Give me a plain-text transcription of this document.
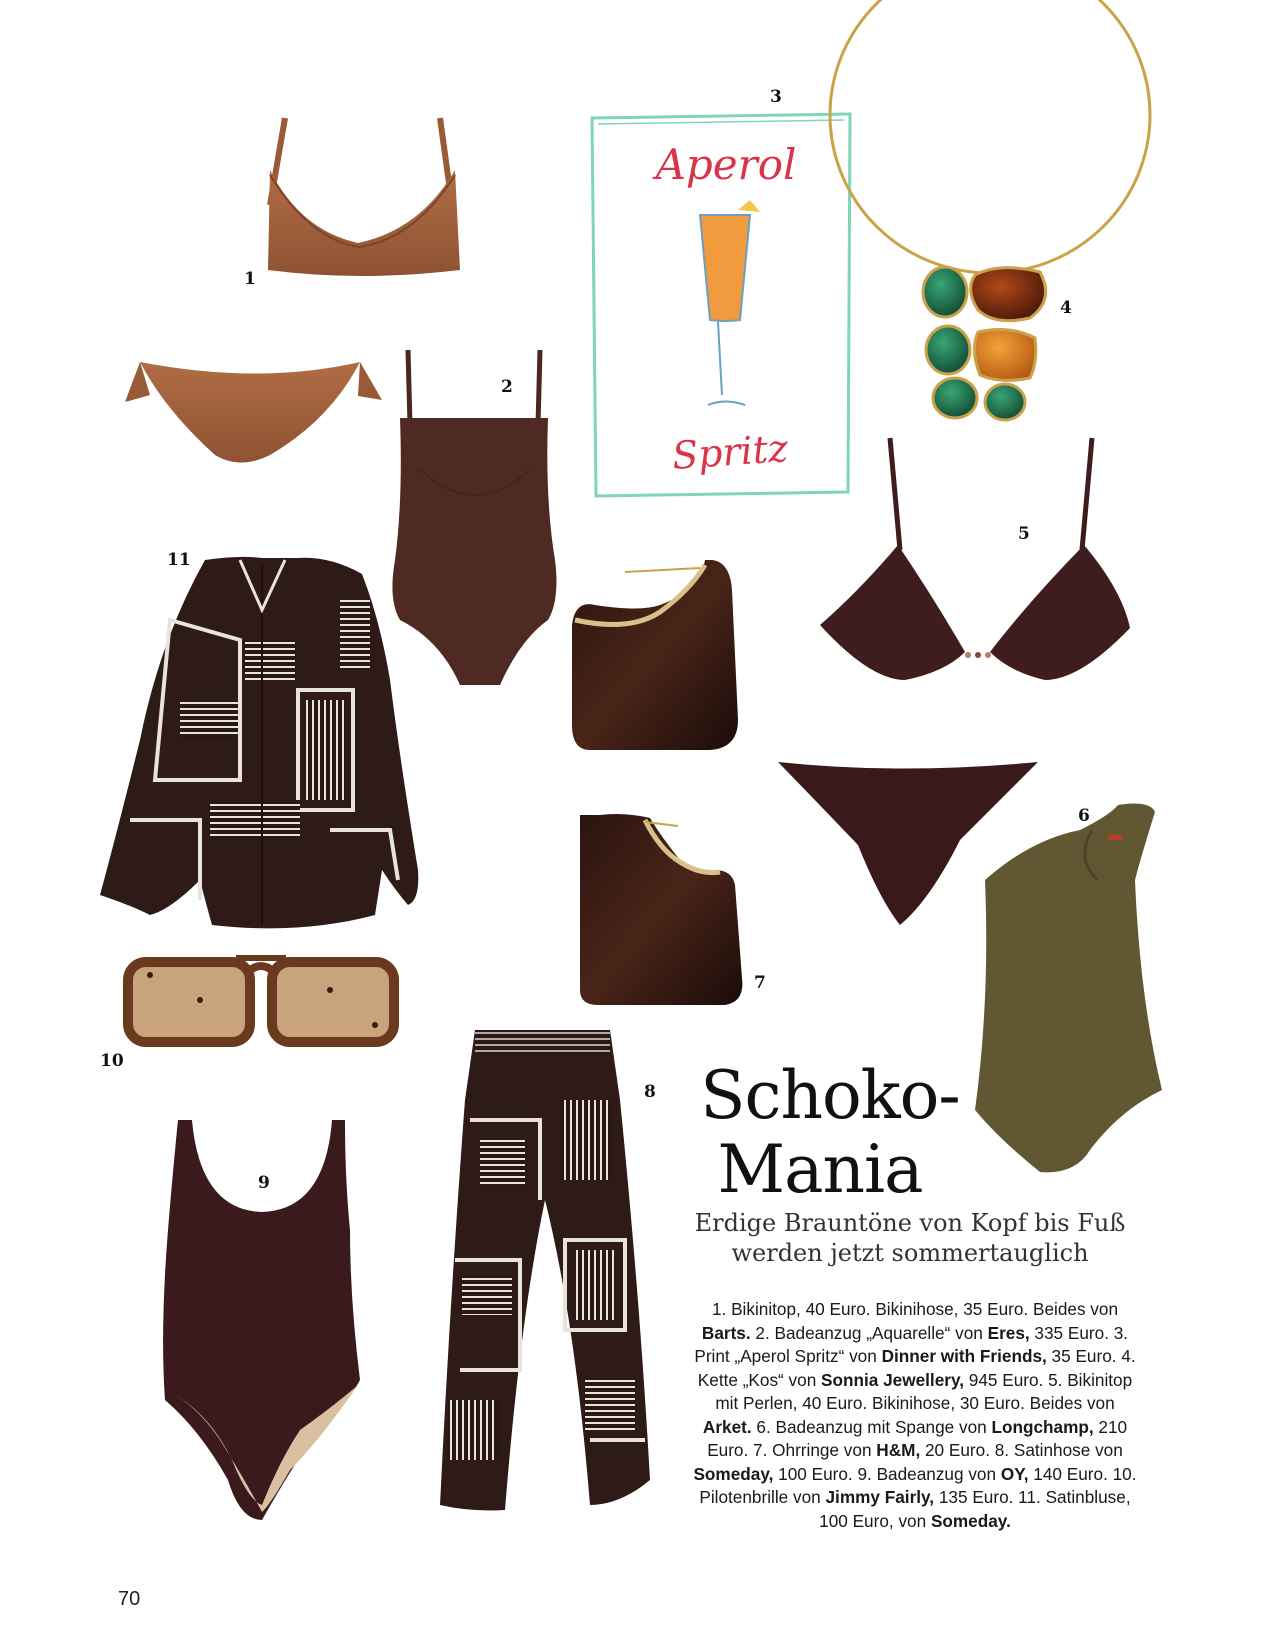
Aperol
Spritz
1
2
3
4
5
6
7
8
9
10
11
Schoko-
Mania
Erdige Brauntöne von Kopf bis Fuß
werden jetzt sommertauglich
1. Bikinitop, 40 Euro. Bikinihose, 35 Euro. Beides von Barts. 2. Badeanzug „Aquarelle“ von Eres, 335 Euro. 3. Print „Aperol Spritz“ von Dinner with Friends, 35 Euro. 4. Kette „Kos“ von Sonnia Jewellery, 945 Euro. 5. Bikinitop mit Perlen, 40 Euro. Bikinihose, 30 Euro. Beides von Arket. 6. Badeanzug mit Spange von Longchamp, 210 Euro. 7. Ohrringe von H&M, 20 Euro. 8. Satinhose von Someday, 100 Euro. 9. Badeanzug von OY, 140 Euro. 10. Pilotenbrille von Jimmy Fairly, 135 Euro. 11. Satinbluse, 100 Euro, von Someday.
70
